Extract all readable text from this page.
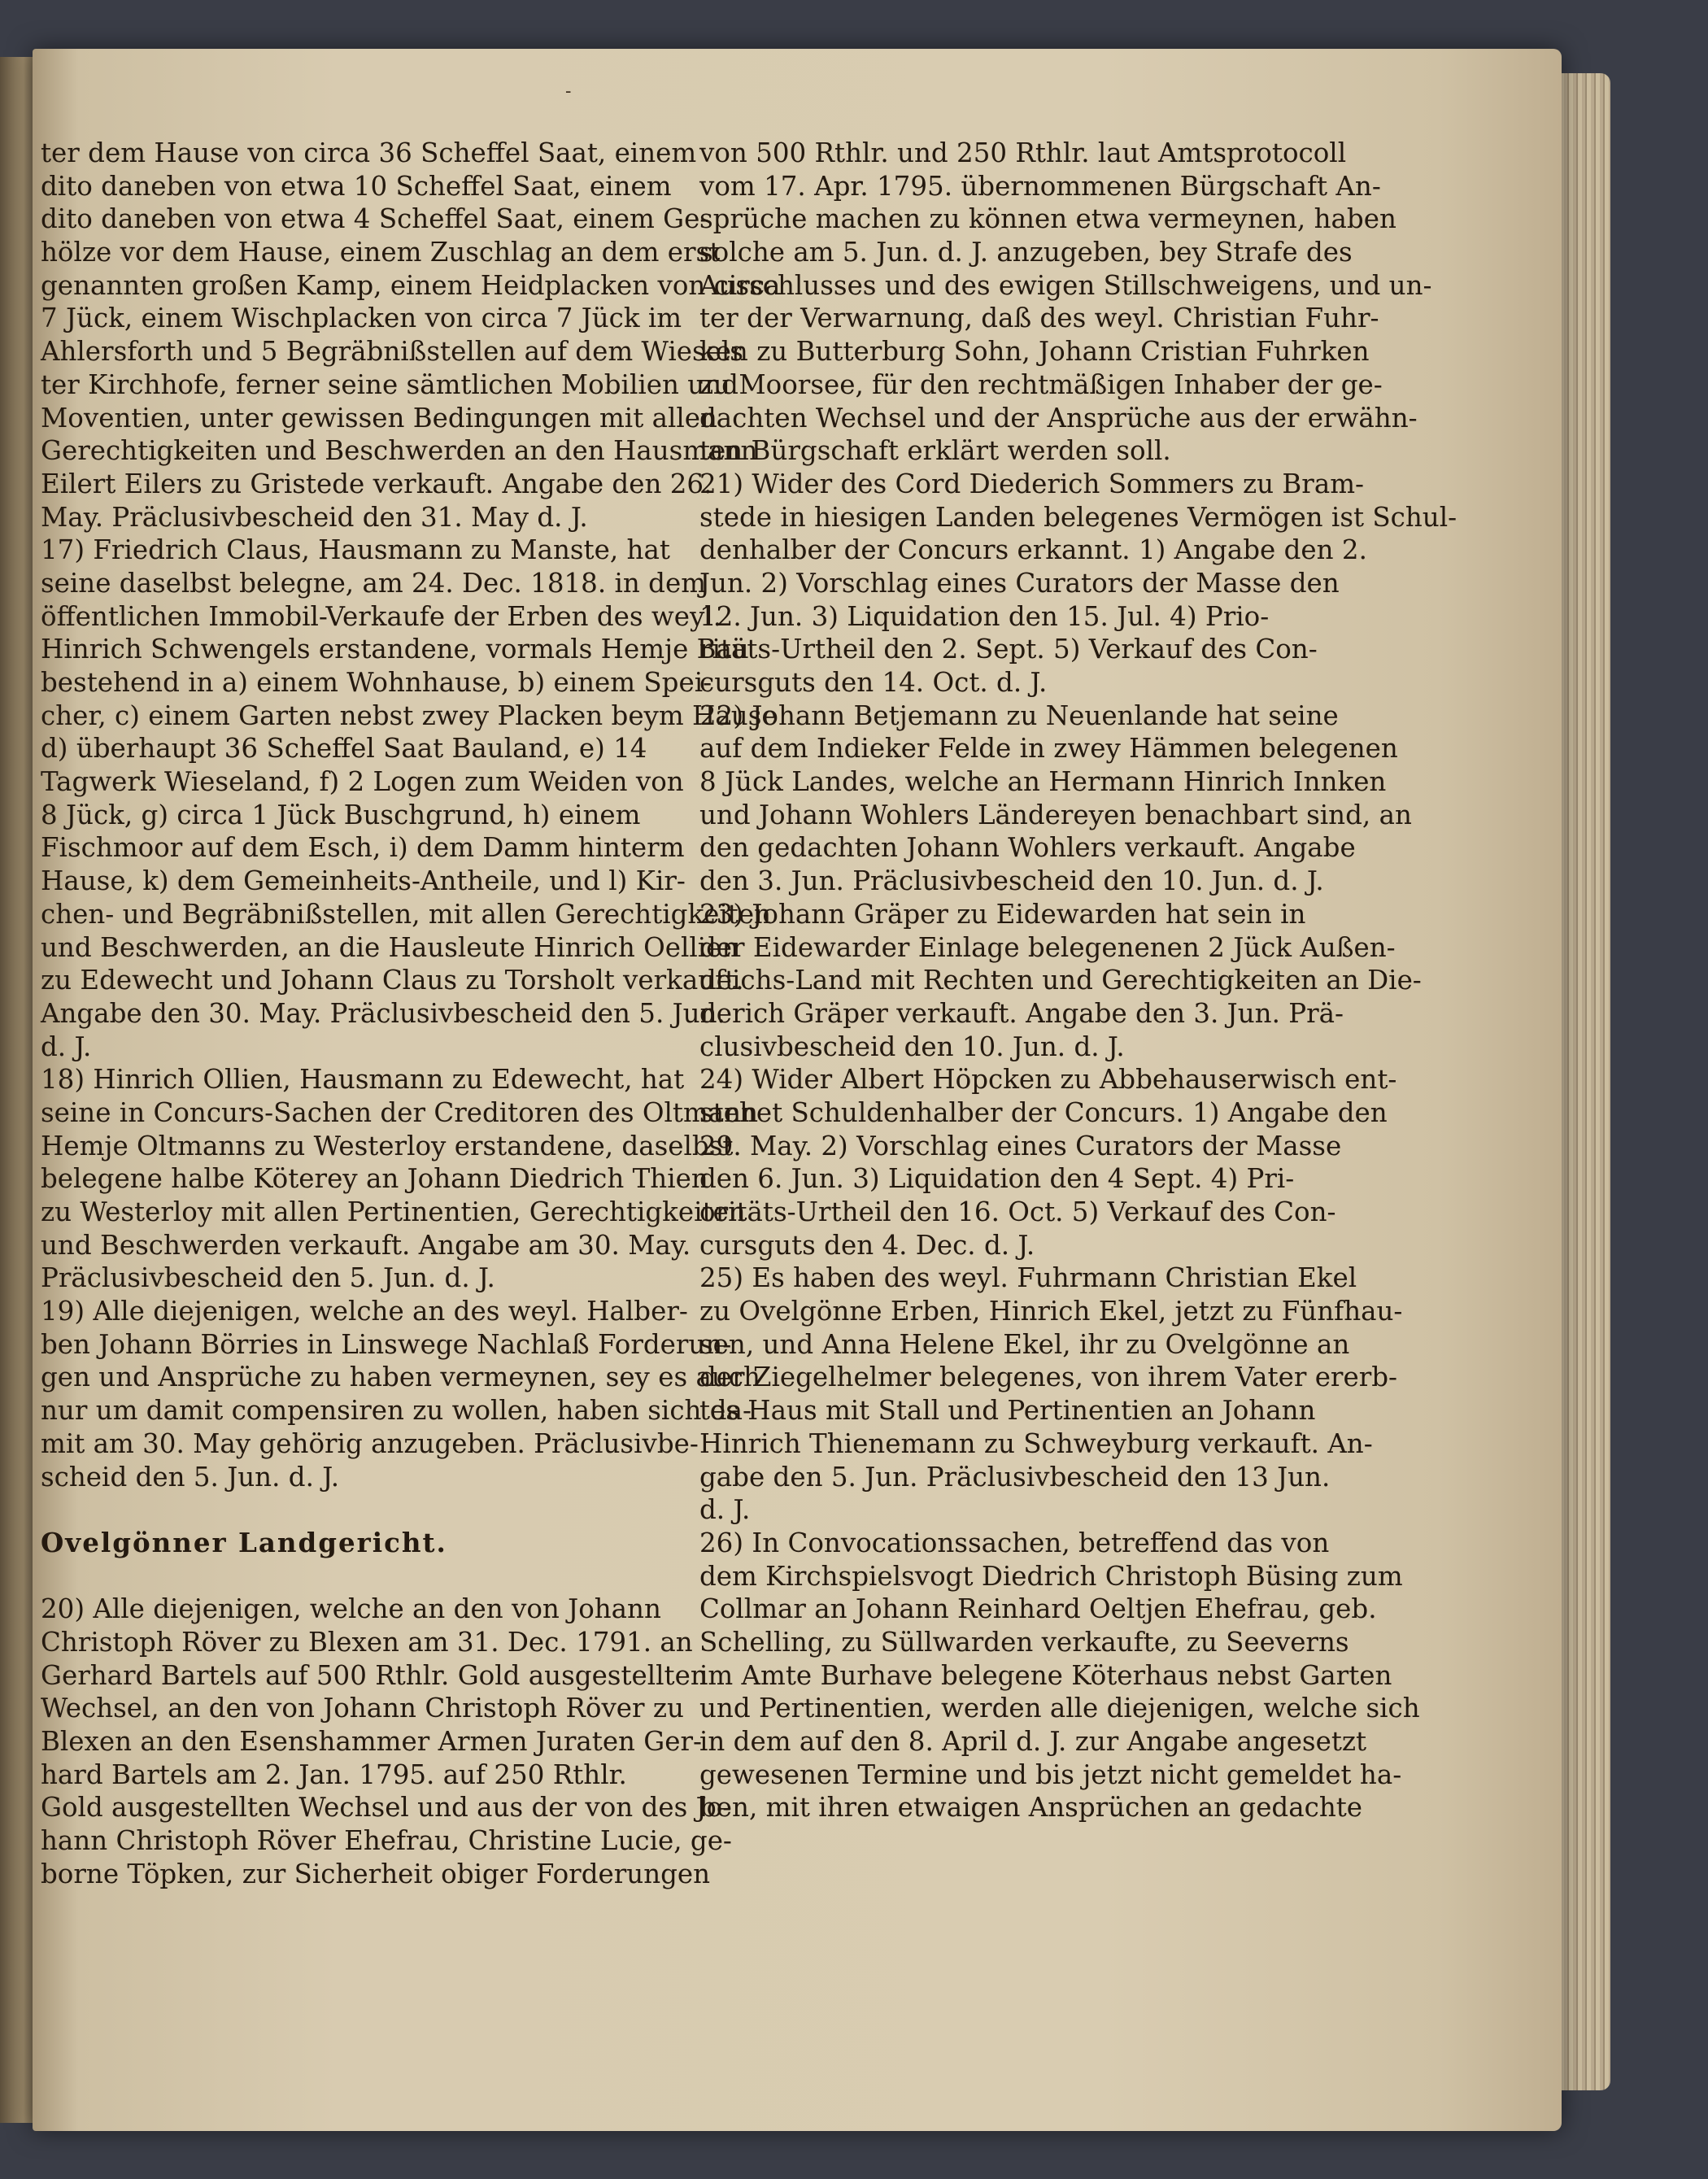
-
ter dem Hause von circa 36 Scheffel Saat, einem
dito daneben von etwa 10 Scheffel Saat, einem
dito daneben von etwa 4 Scheffel Saat, einem Ge-
hölze vor dem Hause, einem Zuschlag an dem erst
genannten großen Kamp, einem Heidplacken von circa
7 Jück, einem Wischplacken von circa 7 Jück im
Ahlersforth und 5 Begräbnißstellen auf dem Wiesels
ter Kirchhofe, ferner seine sämtlichen Mobilien und
Moventien, unter gewissen Bedingungen mit allen
Gerechtigkeiten und Beschwerden an den Hausmann
Eilert Eilers zu Gristede verkauft. Angabe den 26.
May. Präclusivbescheid den 31. May d. J.
17) Friedrich Claus, Hausmann zu Manste, hat
seine daselbst belegne, am 24. Dec. 1818. in dem
öffentlichen Immobil-Verkaufe der Erben des weyl.
Hinrich Schwengels erstandene, vormals Hemje Bau
bestehend in a) einem Wohnhause, b) einem Spei-
cher, c) einem Garten nebst zwey Placken beym Hause
d) überhaupt 36 Scheffel Saat Bauland, e) 14
Tagwerk Wieseland, f) 2 Logen zum Weiden von
8 Jück, g) circa 1 Jück Buschgrund, h) einem
Fischmoor auf dem Esch, i) dem Damm hinterm
Hause, k) dem Gemeinheits-Antheile, und l) Kir-
chen- und Begräbnißstellen, mit allen Gerechtigkeiten
und Beschwerden, an die Hausleute Hinrich Oellien
zu Edewecht und Johann Claus zu Torsholt verkauft.
Angabe den 30. May. Präclusivbescheid den 5. Jun.
d. J.
18) Hinrich Ollien, Hausmann zu Edewecht, hat
seine in Concurs-Sachen der Creditoren des Oltmann
Hemje Oltmanns zu Westerloy erstandene, daselbst
belegene halbe Köterey an Johann Diedrich Thien
zu Westerloy mit allen Pertinentien, Gerechtigkeiten
und Beschwerden verkauft. Angabe am 30. May.
Präclusivbescheid den 5. Jun. d. J.
19) Alle diejenigen, welche an des weyl. Halber-
ben Johann Börries in Linswege Nachlaß Forderun-
gen und Ansprüche zu haben vermeynen, sey es auch
nur um damit compensiren zu wollen, haben sich da-
mit am 30. May gehörig anzugeben. Präclusivbe-
scheid den 5. Jun. d. J.
Ovelgönner Landgericht.
20) Alle diejenigen, welche an den von Johann
Christoph Röver zu Blexen am 31. Dec. 1791. an
Gerhard Bartels auf 500 Rthlr. Gold ausgestellten
Wechsel, an den von Johann Christoph Röver zu
Blexen an den Esenshammer Armen Juraten Ger-
hard Bartels am 2. Jan. 1795. auf 250 Rthlr.
Gold ausgestellten Wechsel und aus der von des Jo-
hann Christoph Röver Ehefrau, Christine Lucie, ge-
borne Töpken, zur Sicherheit obiger Forderungen
von 500 Rthlr. und 250 Rthlr. laut Amtsprotocoll
vom 17. Apr. 1795. übernommenen Bürgschaft An-
sprüche machen zu können etwa vermeynen, haben
solche am 5. Jun. d. J. anzugeben, bey Strafe des
Ausschlusses und des ewigen Stillschweigens, und un-
ter der Verwarnung, daß des weyl. Christian Fuhr-
ken zu Butterburg Sohn, Johann Cristian Fuhrken
zu Moorsee, für den rechtmäßigen Inhaber der ge-
dachten Wechsel und der Ansprüche aus der erwähn-
ten Bürgschaft erklärt werden soll.
21) Wider des Cord Diederich Sommers zu Bram-
stede in hiesigen Landen belegenes Vermögen ist Schul-
denhalber der Concurs erkannt. 1) Angabe den 2.
Jun. 2) Vorschlag eines Curators der Masse den
12. Jun. 3) Liquidation den 15. Jul. 4) Prio-
ritäts-Urtheil den 2. Sept. 5) Verkauf des Con-
cursguts den 14. Oct. d. J.
22) Johann Betjemann zu Neuenlande hat seine
auf dem Indieker Felde in zwey Hämmen belegenen
8 Jück Landes, welche an Hermann Hinrich Innken
und Johann Wohlers Ländereyen benachbart sind, an
den gedachten Johann Wohlers verkauft. Angabe
den 3. Jun. Präclusivbescheid den 10. Jun. d. J.
23) Johann Gräper zu Eidewarden hat sein in
der Eidewarder Einlage belegenenen 2 Jück Außen-
deichs-Land mit Rechten und Gerechtigkeiten an Die-
derich Gräper verkauft. Angabe den 3. Jun. Prä-
clusivbescheid den 10. Jun. d. J.
24) Wider Albert Höpcken zu Abbehauserwisch ent-
stehet Schuldenhalber der Concurs. 1) Angabe den
29. May. 2) Vorschlag eines Curators der Masse
den 6. Jun. 3) Liquidation den 4 Sept. 4) Pri-
oritäts-Urtheil den 16. Oct. 5) Verkauf des Con-
cursguts den 4. Dec. d. J.
25) Es haben des weyl. Fuhrmann Christian Ekel
zu Ovelgönne Erben, Hinrich Ekel, jetzt zu Fünfhau-
sen, und Anna Helene Ekel, ihr zu Ovelgönne an
der Ziegelhelmer belegenes, von ihrem Vater ererb-
tes Haus mit Stall und Pertinentien an Johann
Hinrich Thienemann zu Schweyburg verkauft. An-
gabe den 5. Jun. Präclusivbescheid den 13 Jun.
d. J.
26) In Convocationssachen, betreffend das von
dem Kirchspielsvogt Diedrich Christoph Büsing zum
Collmar an Johann Reinhard Oeltjen Ehefrau, geb.
Schelling, zu Süllwarden verkaufte, zu Seeverns
im Amte Burhave belegene Köterhaus nebst Garten
und Pertinentien, werden alle diejenigen, welche sich
in dem auf den 8. April d. J. zur Angabe angesetzt
gewesenen Termine und bis jetzt nicht gemeldet ha-
ben, mit ihren etwaigen Ansprüchen an gedachte
